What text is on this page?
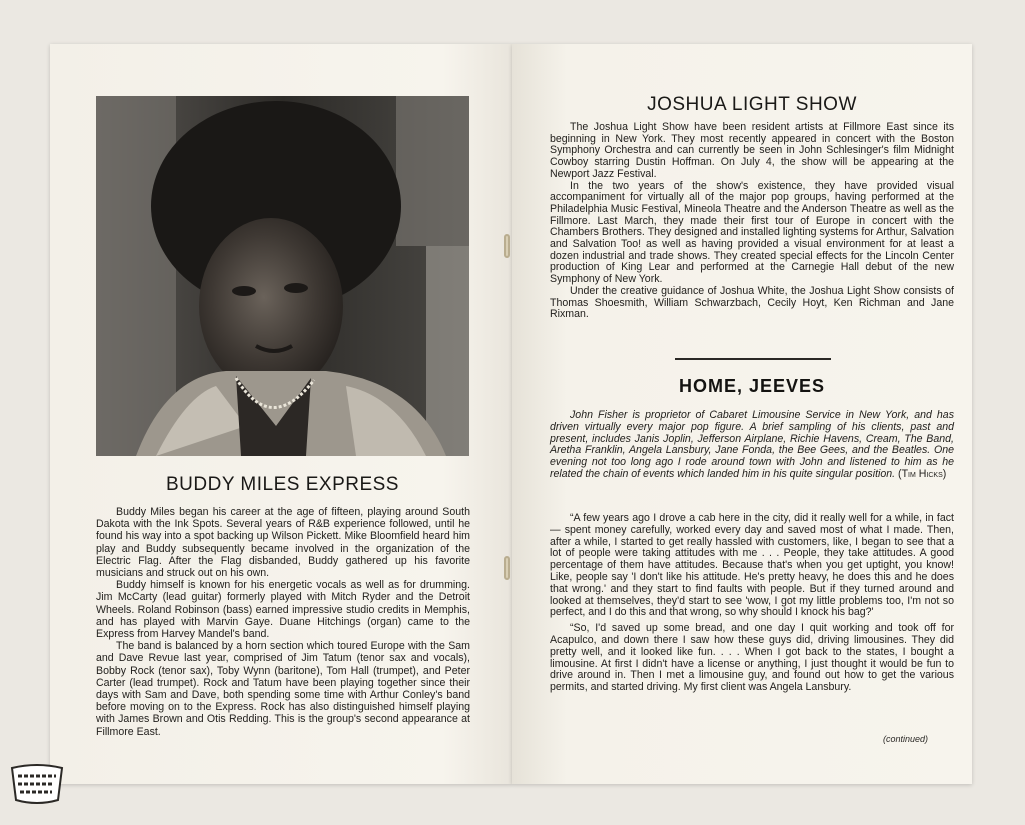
BUDDY MILES EXPRESS

Buddy Miles began his career at the age of fifteen, playing around South Dakota with the Ink Spots. Several years of R&B experience followed, until he found his way into a spot backing up Wilson Pickett. Mike Bloomfield heard him play and Buddy subsequently became involved in the organization of the Electric Flag. After the Flag disbanded, Buddy gathered up his favorite musicians and struck out on his own.

Buddy himself is known for his energetic vocals as well as for drumming. Jim McCarty (lead guitar) formerly played with Mitch Ryder and the Detroit Wheels. Roland Robinson (bass) earned impressive studio credits in Memphis, and has played with Marvin Gaye. Duane Hitchings (organ) came to the Express from Harvey Mandel's band.

The band is balanced by a horn section which toured Europe with the Sam and Dave Revue last year, comprised of Jim Tatum (tenor sax and vocals), Bobby Rock (tenor sax), Toby Wynn (baritone), Tom Hall (trumpet), and Peter Carter (lead trumpet). Rock and Tatum have been playing together since their days with Sam and Dave, both spending some time with Arthur Conley's band before moving on to the Express. Rock has also distinguished himself playing with James Brown and Otis Redding. This is the group's second appearance at Fillmore East.

JOSHUA LIGHT SHOW

The Joshua Light Show have been resident artists at Fillmore East since its beginning in New York. They most recently appeared in concert with the Boston Symphony Orchestra and can currently be seen in John Schlesinger's film Midnight Cowboy starring Dustin Hoffman. On July 4, the show will be appearing at the Newport Jazz Festival.

In the two years of the show's existence, they have provided visual accompaniment for virtually all of the major pop groups, having performed at the Philadelphia Music Festival, Mineola Theatre and the Anderson Theatre as well as the Fillmore. Last March, they made their first tour of Europe in concert with the Chambers Brothers. They designed and installed lighting systems for Arthur, Salvation and Salvation Too! as well as having provided a visual environment for at least a dozen industrial and trade shows. They created special effects for the Lincoln Center production of King Lear and performed at the Carnegie Hall debut of the new Symphony of New York.

Under the creative guidance of Joshua White, the Joshua Light Show consists of Thomas Shoesmith, William Schwarzbach, Cecily Hoyt, Ken Richman and Jane Rixman.

HOME, JEEVES

John Fisher is proprietor of Cabaret Limousine Service in New York, and has driven virtually every major pop figure. A brief sampling of his clients, past and present, includes Janis Joplin, Jefferson Airplane, Richie Havens, Cream, The Band, Aretha Franklin, Angela Lansbury, Jane Fonda, the Bee Gees, and the Beatles. One evening not too long ago I rode around town with John and listened to him as he related the chain of events which landed him in his quite singular position. (Tim Hicks)

“A few years ago I drove a cab here in the city, did it really well for a while, in fact — spent money carefully, worked every day and saved most of what I made. Then, after a while, I started to get really hassled with customers, like, I began to see that a lot of people were taking attitudes with me . . . People, they take attitudes. A good percentage of them have attitudes. Because that's when you get uptight, you know! Like, people say 'I don't like his attitude. He's pretty heavy, he does this and he does that wrong.' and they start to find faults with people. But if they turned around and looked at themselves, they'd start to see 'wow, I got my little problems too, I'm not so perfect, and I do this and that wrong, so why should I knock his bag?'

“So, I'd saved up some bread, and one day I quit working and took off for Acapulco, and down there I saw how these guys did, driving limousines. They did pretty well, and it looked like fun. . . . When I got back to the states, I bought a limousine. At first I didn't have a license or anything, I just thought it would be fun to drive around in. Then I met a limousine guy, and found out how to get the various permits, and started driving. My first client was Angela Lansbury.

(continued)
